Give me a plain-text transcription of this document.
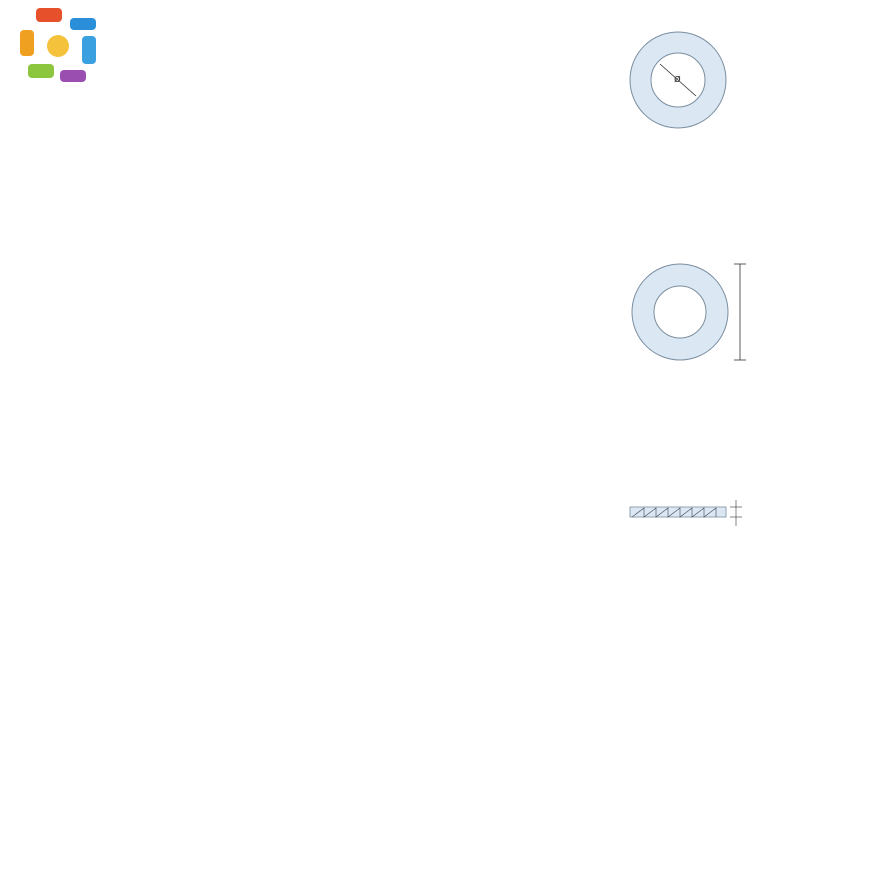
ø
